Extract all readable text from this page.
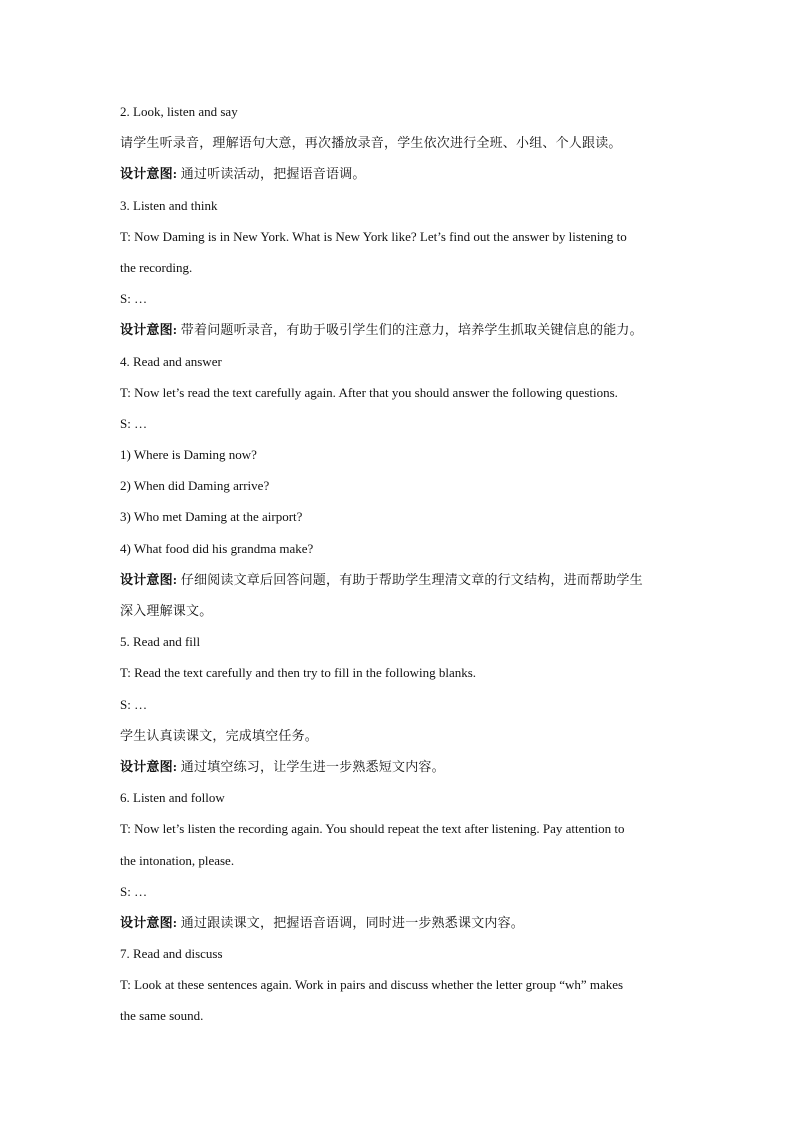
2. Look, listen and say
请学生听录音，理解语句大意，再次播放录音，学生依次进行全班、小组、个人跟读。
设计意图: 通过听读活动，把握语音语调。
3. Listen and think
T: Now Daming is in New York. What is New York like? Let’s find out the answer by listening to
the recording.
S: …
设计意图: 带着问题听录音，有助于吸引学生们的注意力，培养学生抓取关键信息的能力。
4. Read and answer
T: Now let’s read the text carefully again. After that you should answer the following questions.
S: …
1) Where is Daming now?
2) When did Daming arrive?
3) Who met Daming at the airport?
4) What food did his grandma make?
设计意图: 仔细阅读文章后回答问题，有助于帮助学生理清文章的行文结构，进而帮助学生
深入理解课文。
5. Read and fill
T: Read the text carefully and then try to fill in the following blanks.
S: …
学生认真读课文，完成填空任务。
设计意图: 通过填空练习，让学生进一步熟悉短文内容。
6. Listen and follow
T: Now let’s listen the recording again. You should repeat the text after listening. Pay attention to
the intonation, please.
S: …
设计意图: 通过跟读课文，把握语音语调，同时进一步熟悉课文内容。
7. Read and discuss
T: Look at these sentences again. Work in pairs and discuss whether the letter group “wh” makes
the same sound.
